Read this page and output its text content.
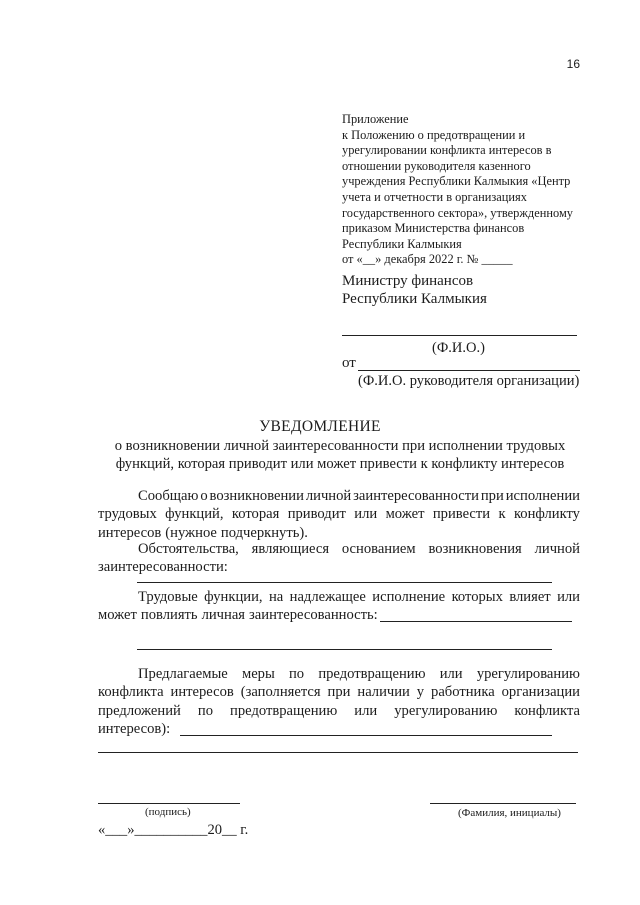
16
Приложение
к Положению о предотвращении и
урегулировании конфликта интересов в
отношении руководителя казенного
учреждения Республики Калмыкия «Центр
учета и отчетности в организациях
государственного сектора», утвержденному
приказом Министерства финансов
Республики Калмыкия
от «__» декабря 2022 г. № _____
Министру финансов
Республики Калмыкия
(Ф.И.О.)
от
(Ф.И.О. руководителя организации)
УВЕДОМЛЕНИЕ
о возникновении личной заинтересованности при исполнении трудовых
функций, которая приводит или может привести к конфликту интересов
Сообщаю о возникновении личной заинтересованности при исполнении
трудовых функций, которая приводит или может привести к конфликту
интересов (нужное подчеркнуть).
Обстоятельства, являющиеся основанием возникновения личной
заинтересованности:
Трудовые функции, на надлежащее исполнение которых влияет или
может повлиять личная заинтересованность:
Предлагаемые меры по предотвращению или урегулированию
конфликта интересов (заполняется при наличии у работника организации
предложений по предотвращению или урегулированию конфликта
интересов):
(подпись)	(Фамилия, инициалы)
«___»__________20__ г.
